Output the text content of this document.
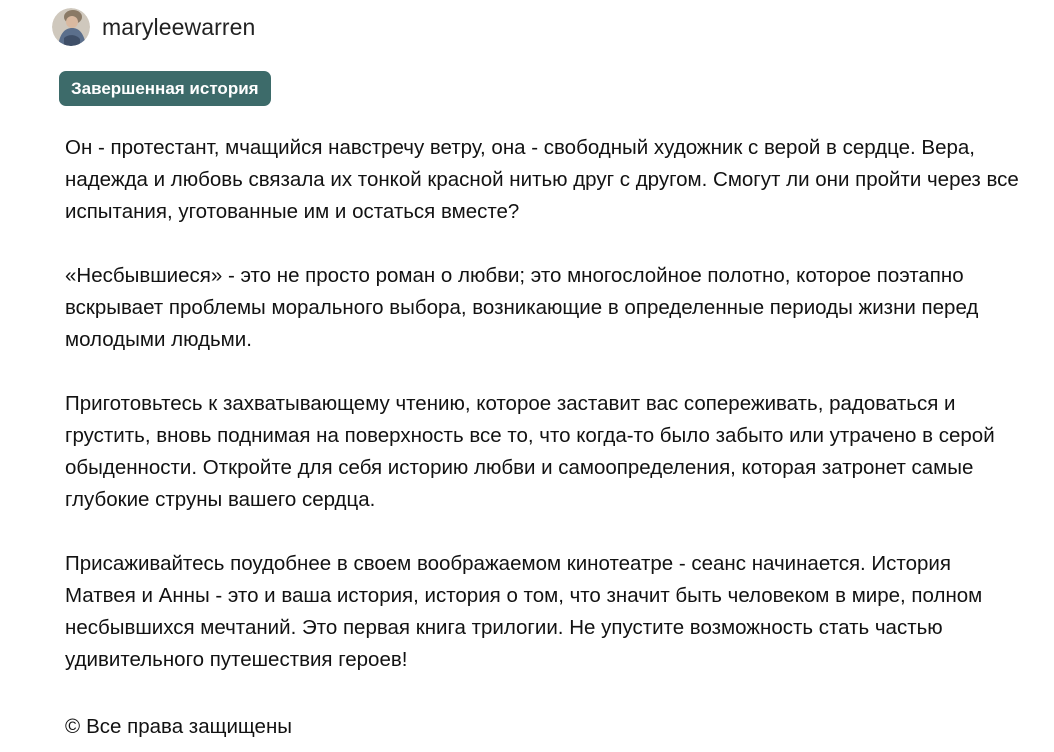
maryleewarren
Завершенная история

Он - протестант, мчащийся навстречу ветру, она - свободный художник с верой в сердце. Вера, надежда и любовь связала их тонкой красной нитью друг с другом. Смогут ли они пройти через все испытания, уготованные им и остаться вместе?

«Несбывшиеся» - это не просто роман о любви; это многослойное полотно, которое поэтапно вскрывает проблемы морального выбора, возникающие в определенные периоды жизни перед молодыми людьми.

Приготовьтесь к захватывающему чтению, которое заставит вас сопереживать, радоваться и грустить, вновь поднимая на поверхность все то, что когда-то было забыто или утрачено в серой обыденности. Откройте для себя историю любви и самоопределения, которая затронет самые глубокие струны вашего сердца.

Присаживайтесь поудобнее в своем воображаемом кинотеатре - сеанс начинается. История Матвея и Анны - это и ваша история, история о том, что значит быть человеком в мире, полном несбывшихся мечтаний. Это первая книга трилогии. Не упустите возможность стать частью удивительного путешествия героев!

© Все права защищены
